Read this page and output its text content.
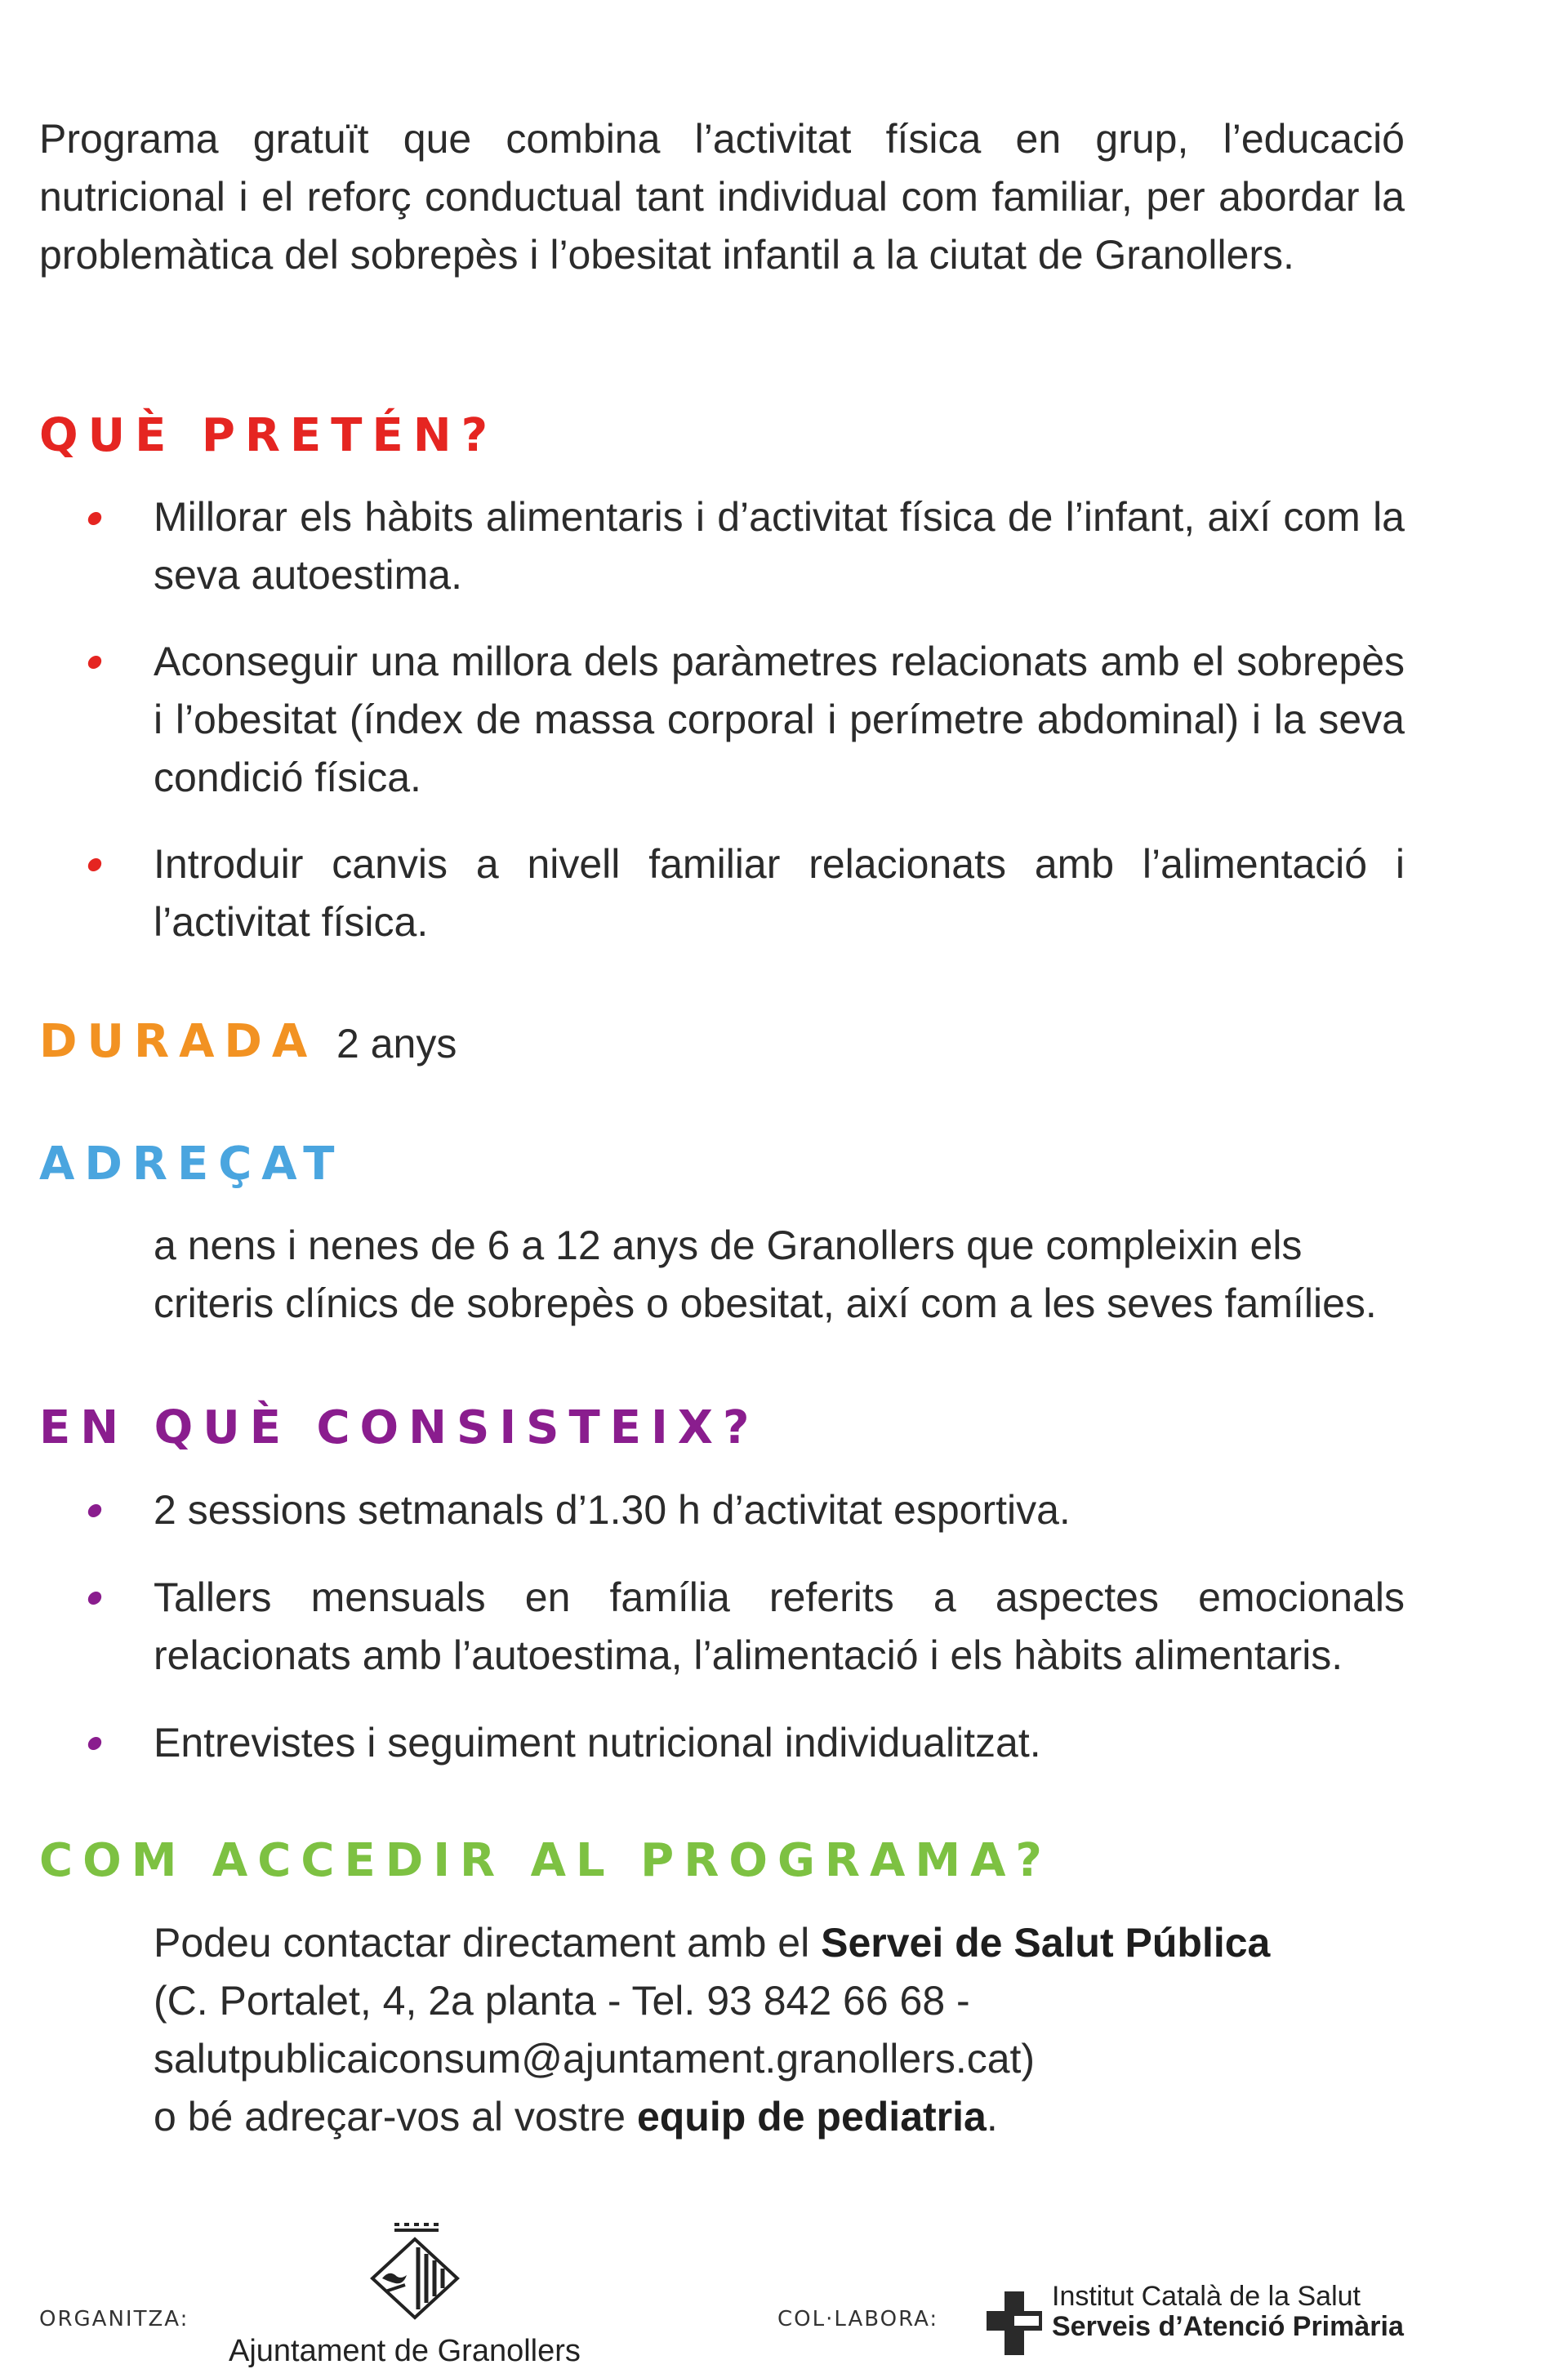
Programa gratuït que combina l’activitat física en grup, l’educació nutricional i el reforç conductual tant individual com familiar, per abordar la problemàtica del sobrepès i l’obesitat infantil a la ciutat de Granollers.

QUÈ PRETÉN?

Millorar els hàbits alimentaris i d’activitat física de l’infant, així com la seva autoestima.

Aconseguir una millora dels paràmetres relacionats amb el sobrepès i l’obesitat (índex de massa corporal i perímetre abdominal) i la seva condició física.

Introduir canvis a nivell familiar relacionats amb l’alimentació i l’activitat física.

DURADA 2 anys
ADREÇAT

a nens i nenes de 6 a 12 anys de Granollers que compleixin els criteris clínics de sobrepès o obesitat, així com a les seves famílies.

EN QUÈ CONSISTEIX?

2 sessions setmanals d’1.30 h d’activitat esportiva.

Tallers mensuals en família referits a aspectes emocionals relacionats amb l’autoestima, l’alimentació i els hàbits alimentaris.

Entrevistes i seguiment nutricional individualitzat.

COM ACCEDIR AL PROGRAMA?
Podeu contactar directament amb el Servei de Salut Pública
(C. Portalet, 4, 2a planta - Tel. 93 842 66 68 -
salutpublicaiconsum@ajuntament.granollers.cat)
o bé adreçar-vos al vostre equip de pediatria.
ORGANITZA:
Ajuntament de Granollers
COL·LABORA:
Institut Català de la Salut
Serveis d’Atenció Primària
